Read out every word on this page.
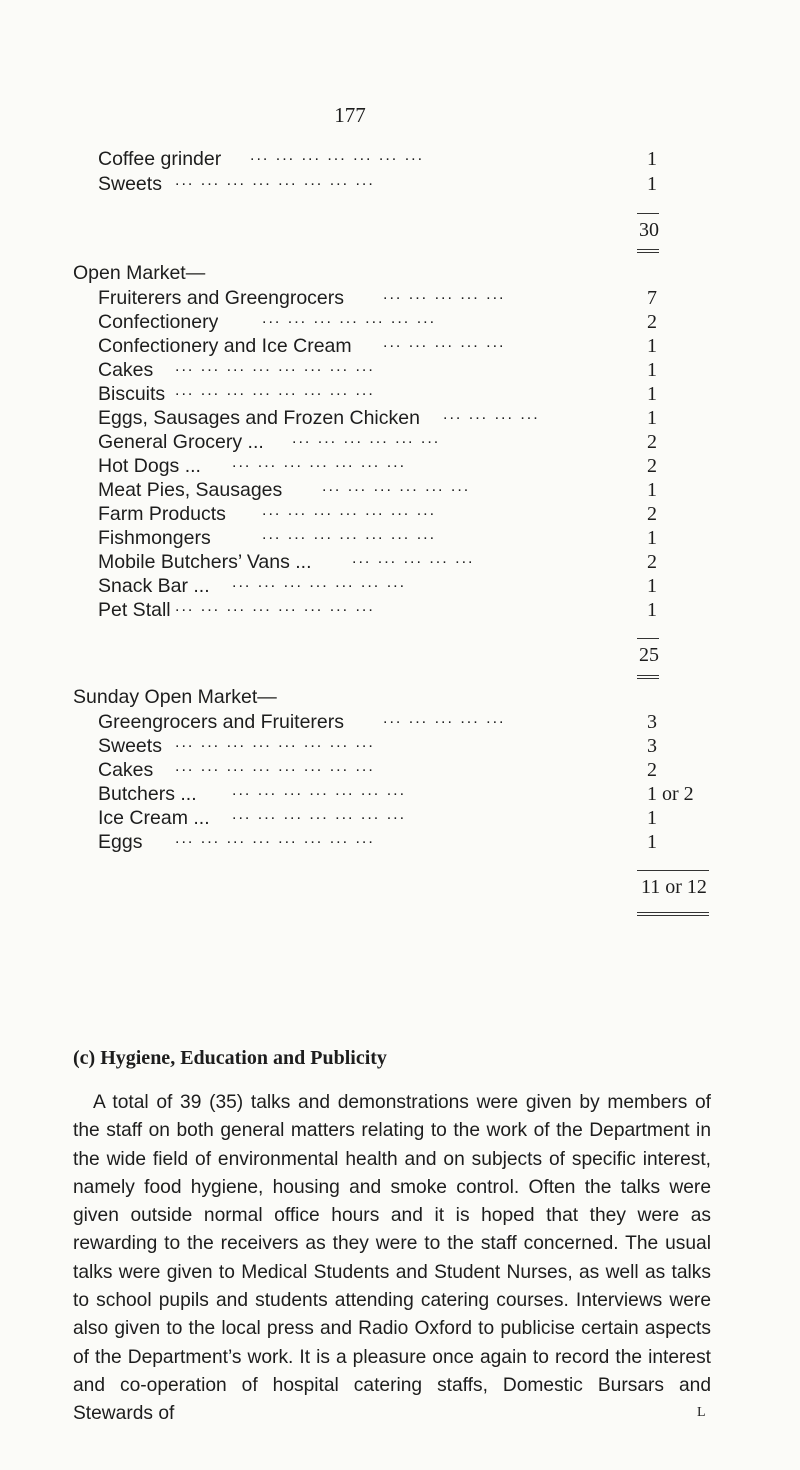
177
Coffee grinder ... ... ... ... ... ... ...	1
Sweets ... ... ... ... ... ... ... ...	1
30
Open Market—
Fruiterers and Greengrocers ... ... ... ... ...	7
Confectionery	... ... ... ... ... ... ...	2
Confectionery and Ice Cream ... ... ... ... ...	1
Cakes ... ... ... ... ... ... ... ...	1
Biscuits ... ... ... ... ... ... ... ...	1
Eggs, Sausages and Frozen Chicken ... ... ... ...	1
General Grocery ... ... ... ... ... ... ...	2
Hot Dogs ... ... ... ... ... ... ... ...	2
Meat Pies, Sausages ... ... ... ... ... ...	1
Farm Products ... ... ... ... ... ... ...	2
Fishmongers	... ... ... ... ... ... ...	1
Mobile Butchers’ Vans ...	... ... ... ... ...	2
Snack Bar ... ... ... ... ... ... ... ...	1
Pet Stall ... ... ... ... ... ... ... ...	1
25
Sunday Open Market—
Greengrocers and Fruiterers ... ... ... ... ...	3
Sweets ... ... ... ... ... ... ... ...	3
Cakes ... ... ... ... ... ... ... ...	2
Butchers ... ... ... ... ... ... ... ...	1 or 2
Ice Cream ... ... ... ... ... ... ... ...	1
Eggs ... ... ... ... ... ... ... ...	1
11 or 12
(c) Hygiene, Education and Publicity

A total of 39 (35) talks and demonstrations were given by members of the staff on both general matters relating to the work of the Department in the wide field of environmental health and on subjects of specific interest, namely food hygiene, housing and smoke control. Often the talks were given outside normal office hours and it is hoped that they were as rewarding to the receivers as they were to the staff concerned. The usual talks were given to Medical Students and Student Nurses, as well as talks to school pupils and students attending catering courses. Interviews were also given to the local press and Radio Oxford to publicise certain aspects of the Department’s work. It is a pleasure once again to record the interest and co-operation of hospital catering staffs, Domestic Bursars and Stewards of	L
